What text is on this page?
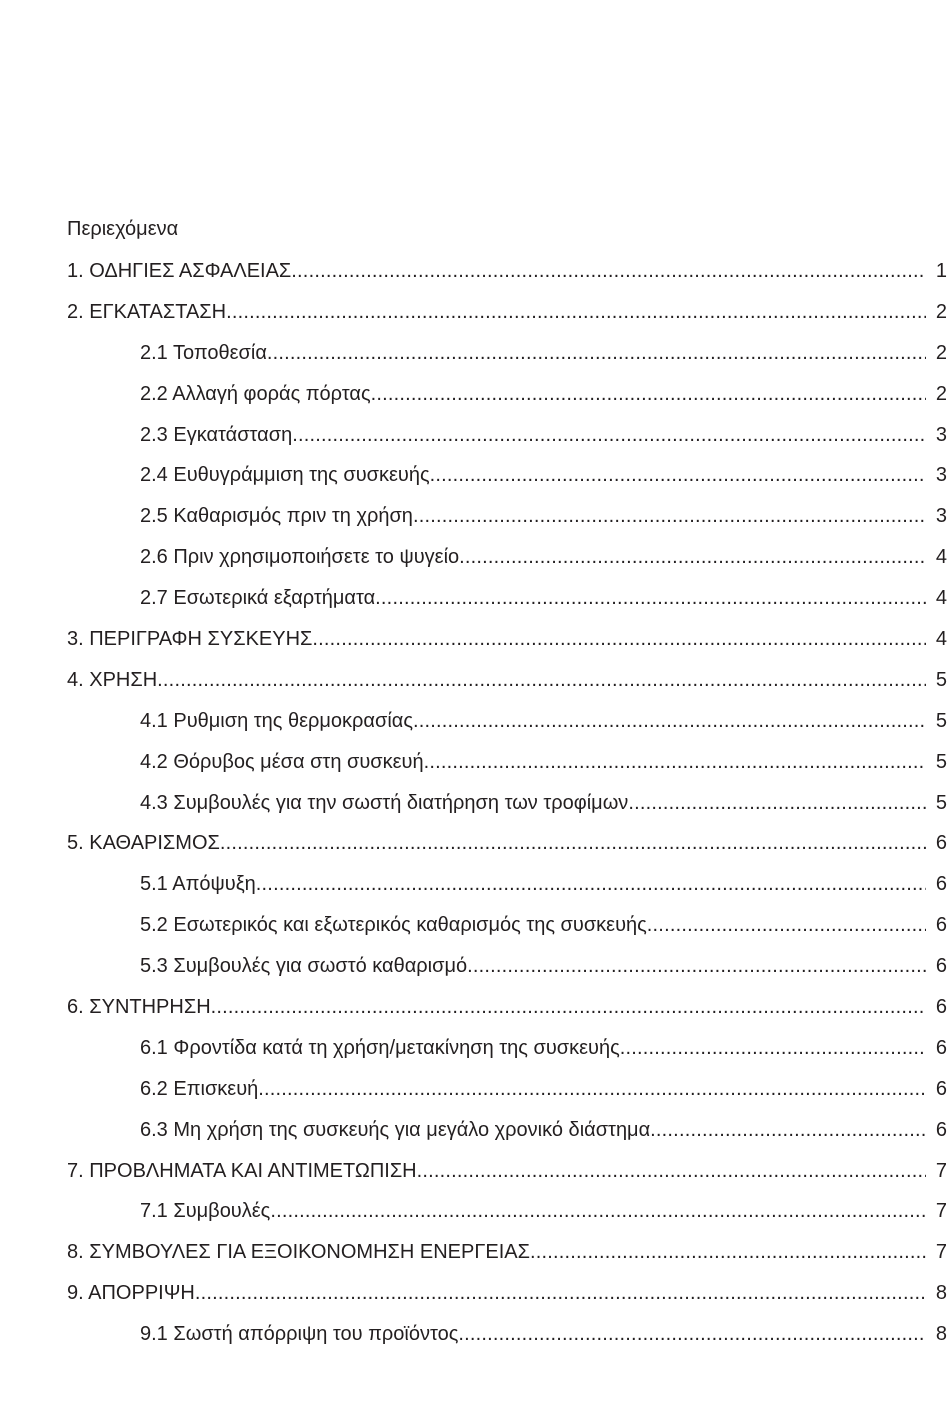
Περιεχόμενα
1. ΟΔΗΓΙΕΣ ΑΣΦΑΛΕΙΑΣ .....	1
2. ΕΓΚΑΤΑΣΤΑΣΗ .....	2
2.1 Τοποθεσία .....	2
2.2 Αλλαγή φοράς πόρτας .....	2
2.3 Εγκατάσταση .....	3
2.4 Ευθυγράμμιση της συσκευής .....	3
2.5 Καθαρισμός πριν τη χρήση .....	3
2.6 Πριν χρησιμοποιήσετε το ψυγείο .....	4
2.7 Εσωτερικά εξαρτήματα .....	4
3. ΠΕΡΙΓΡΑΦΗ ΣΥΣΚΕΥΗΣ .....	4
4. ΧΡΗΣΗ .....	5
4.1 Ρυθμιση της θερμοκρασίας .....	5
4.2 Θόρυβος μέσα στη συσκευή .....	5
4.3 Συμβουλές για την σωστή διατήρηση των τροφίμων .....	5
5. ΚΑΘΑΡΙΣΜΟΣ .....	6
5.1 Απόψυξη .....	6
5.2 Εσωτερικός και εξωτερικός καθαρισμός της συσκευής .....	6
5.3 Συμβουλές για σωστό καθαρισμό .....	6
6. ΣΥΝΤΗΡΗΣΗ .....	6
6.1 Φροντίδα κατά τη χρήση/μετακίνηση της συσκευής .....	6
6.2 Επισκευή .....	6
6.3 Μη χρήση της συσκευής για μεγάλο χρονικό διάστημα .....	6
7. ΠΡΟΒΛΗΜΑΤΑ ΚΑΙ ΑΝΤΙΜΕΤΩΠΙΣΗ .....	7
7.1 Συμβουλές .....	7
8. ΣΥΜΒΟΥΛΕΣ ΓΙΑ ΕΞΟΙΚΟΝΟΜΗΣΗ ΕΝΕΡΓΕΙΑΣ .....	7
9. ΑΠΟΡΡΙΨΗ .....	8
9.1 Σωστή απόρριψη του προϊόντος .....	8
